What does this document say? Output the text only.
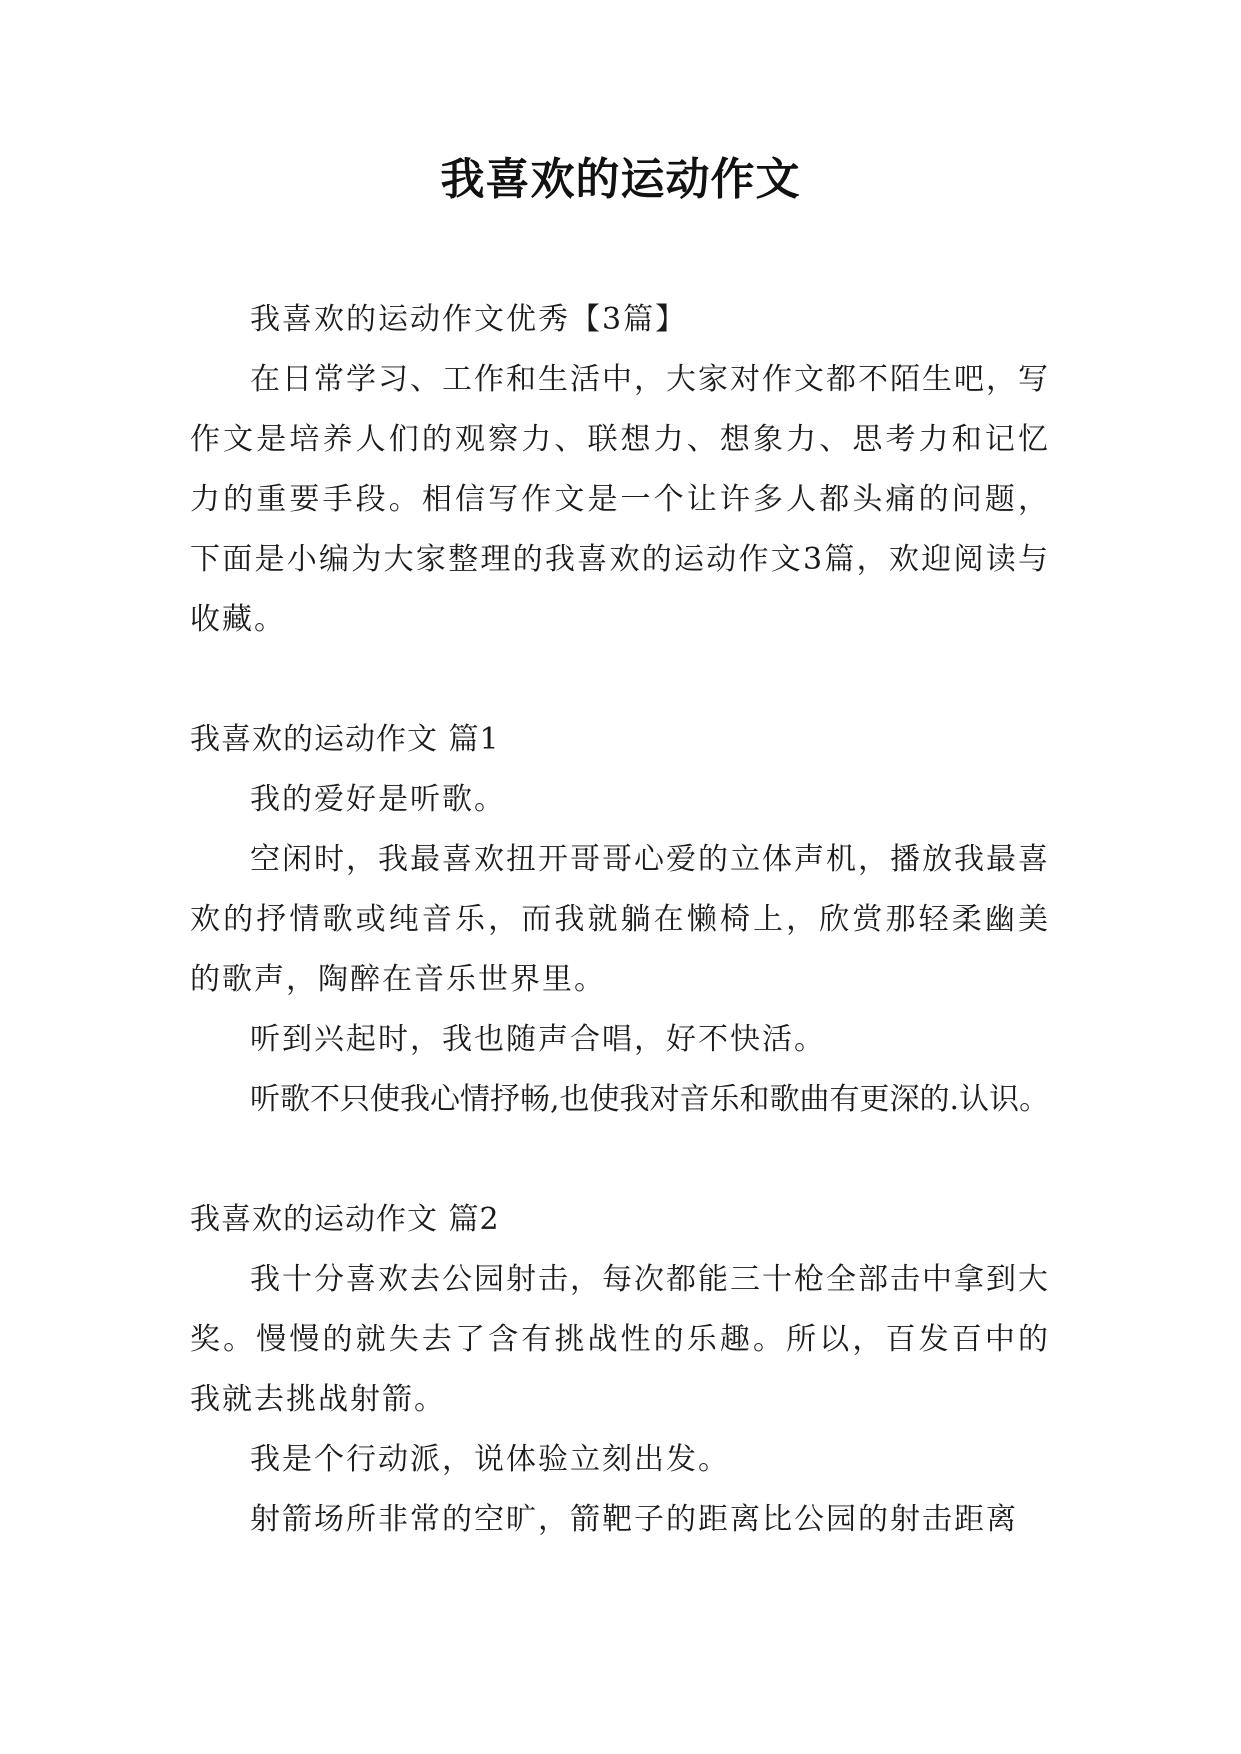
我喜欢的运动作文

我喜欢的运动作文优秀【3篇】

在日常学习、工作和生活中，大家对作文都不陌生吧，写作文是培养人们的观察力、联想力、想象力、思考力和记忆力的重要手段。相信写作文是一个让许多人都头痛的问题，下面是小编为大家整理的我喜欢的运动作文3篇，欢迎阅读与收藏。

我喜欢的运动作文 篇1

我的爱好是听歌。

空闲时，我最喜欢扭开哥哥心爱的立体声机，播放我最喜欢的抒情歌或纯音乐，而我就躺在懒椅上，欣赏那轻柔幽美的歌声，陶醉在音乐世界里。

听到兴起时，我也随声合唱，好不快活。

听歌不只使我心情抒畅,也使我对音乐和歌曲有更深的.认识。

我喜欢的运动作文 篇2

我十分喜欢去公园射击，每次都能三十枪全部击中拿到大奖。慢慢的就失去了含有挑战性的乐趣。所以，百发百中的我就去挑战射箭。

我是个行动派，说体验立刻出发。

射箭场所非常的空旷，箭靶子的距离比公园的射击距离
